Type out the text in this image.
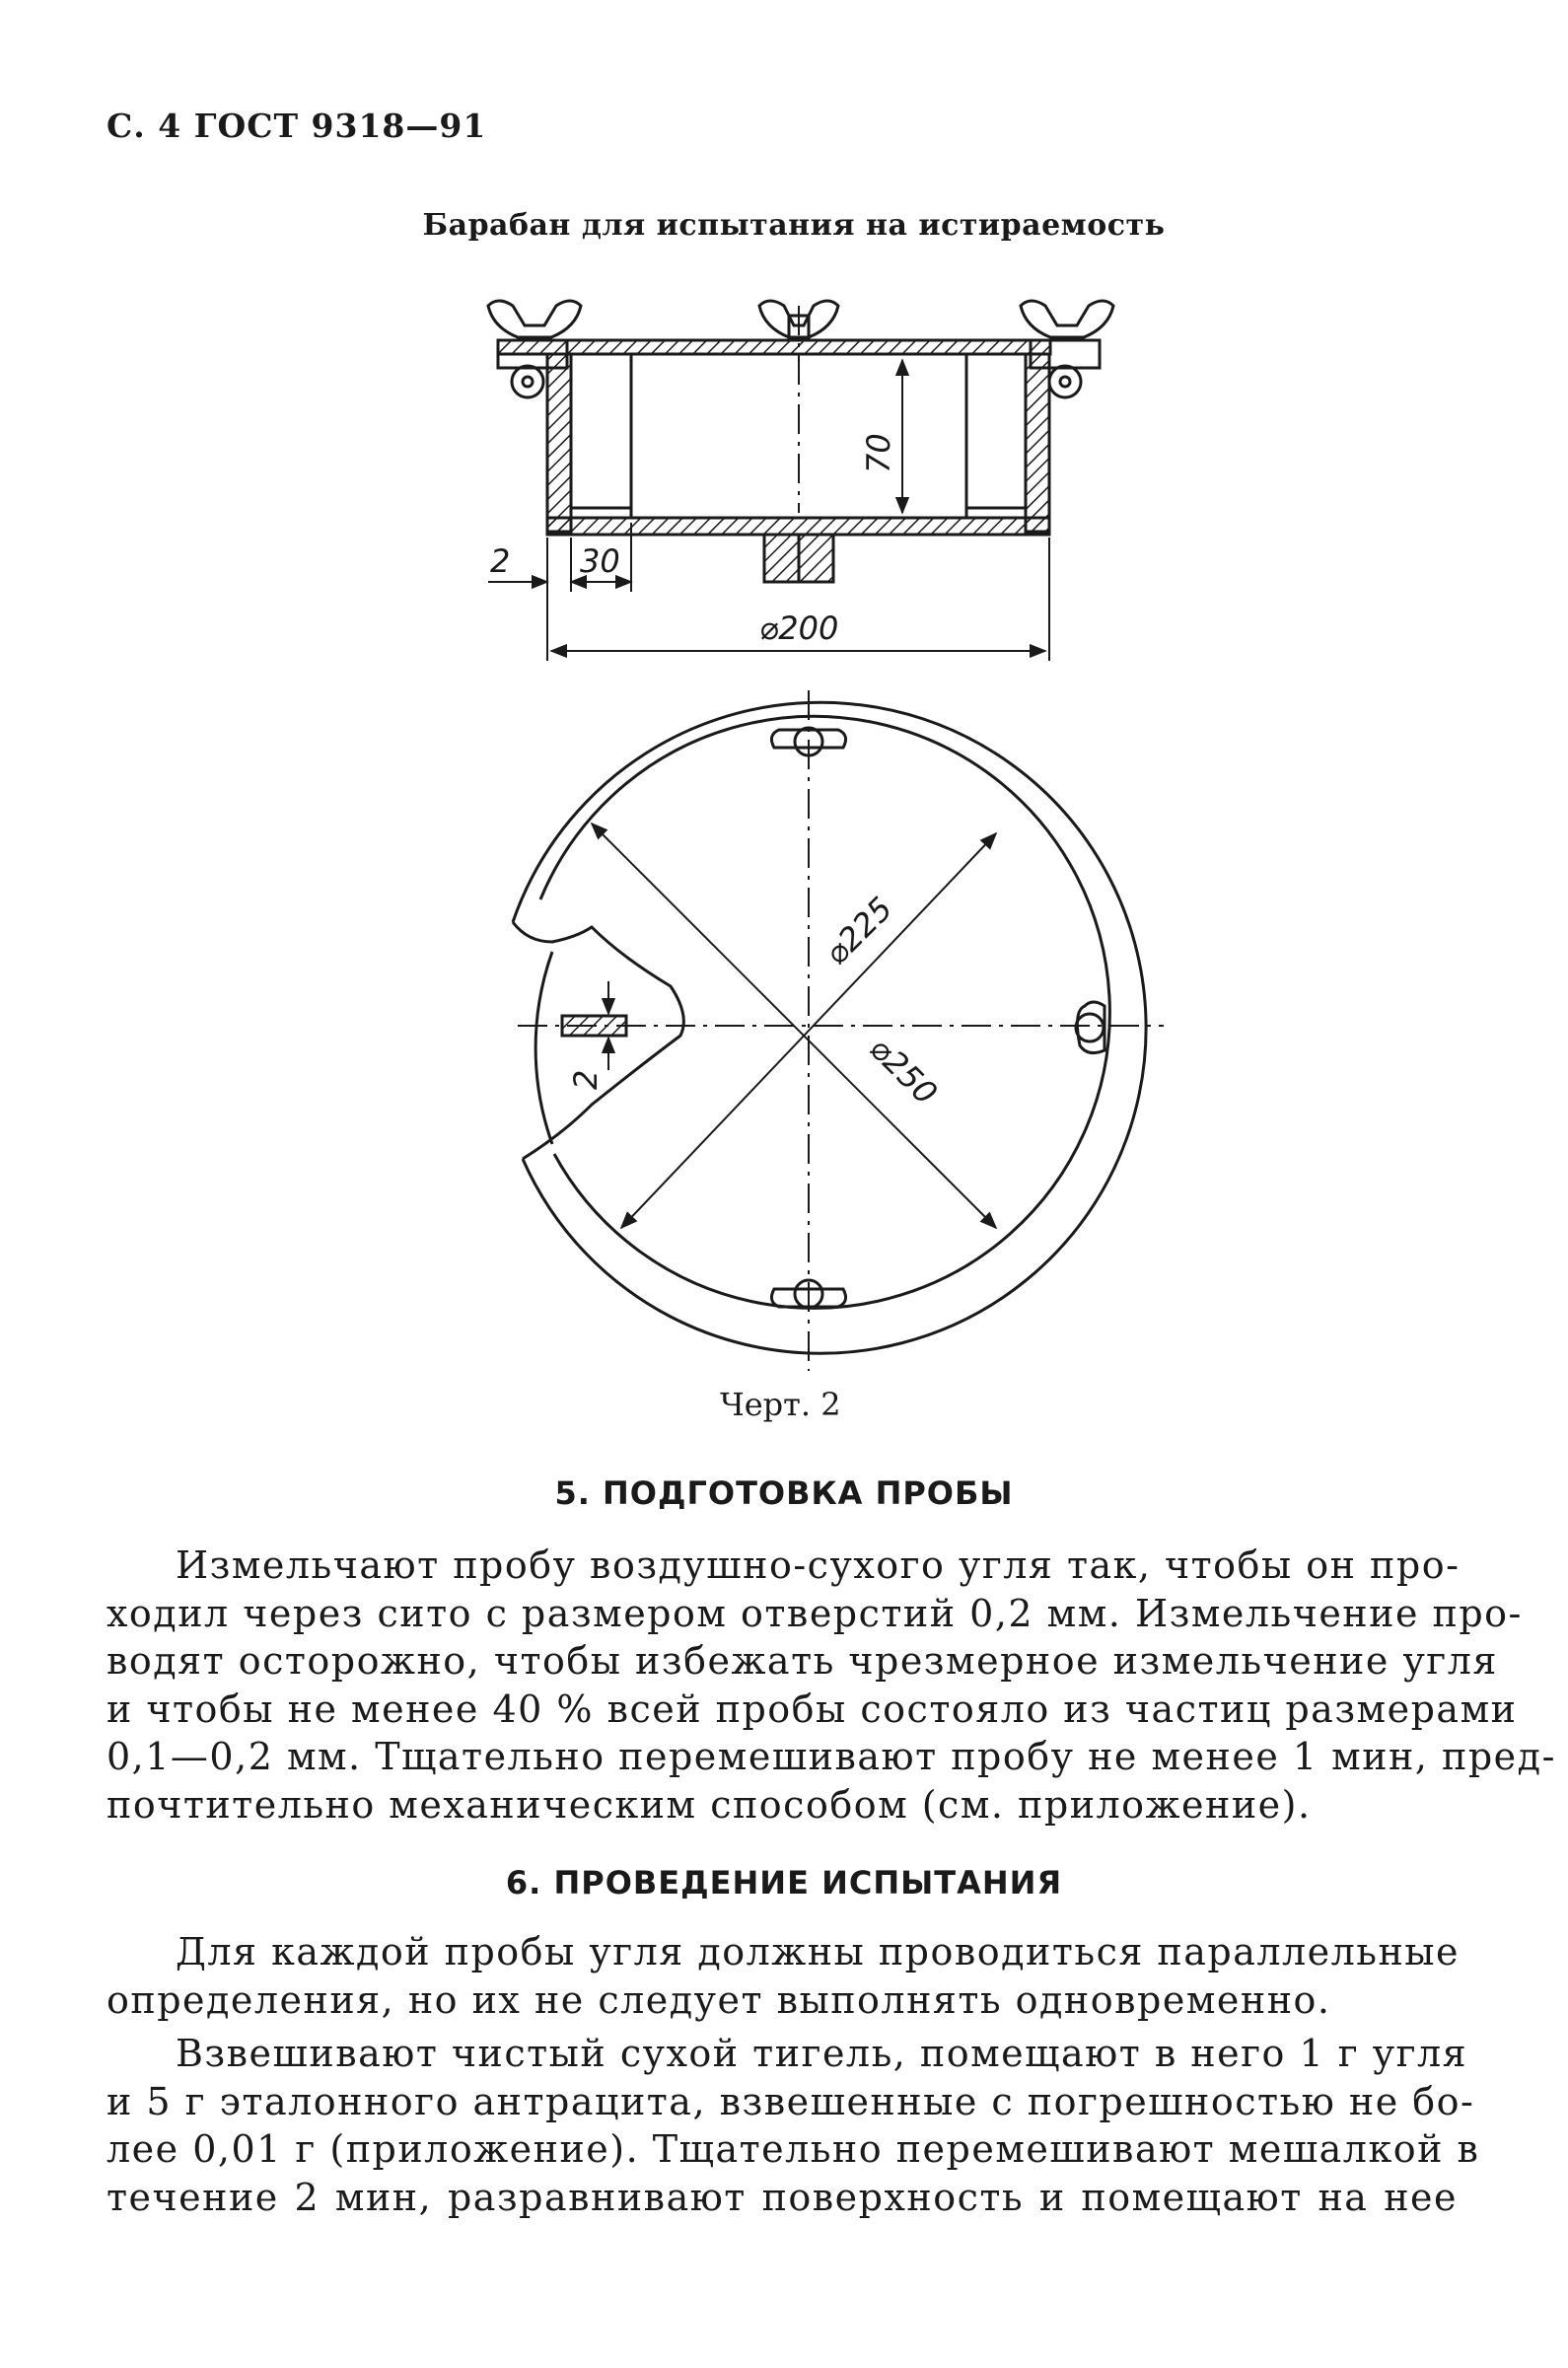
С. 4 ГОСТ 9318—91
Барабан для испытания на истираемость
2 30
70
⌀200
⌀225
⌀250
2
Черт. 2
5. ПОДГОТОВКА ПРОБЫ
Измельчают пробу воздушно-сухого угля так, чтобы он про-
ходил через сито с размером отверстий 0,2 мм. Измельчение про-
водят осторожно, чтобы избежать чрезмерное измельчение угля
и чтобы не менее 40 % всей пробы состояло из частиц размерами
0,1—0,2 мм. Тщательно перемешивают пробу не менее 1 мин, пред-
почтительно механическим способом (см. приложение).
6. ПРОВЕДЕНИЕ ИСПЫТАНИЯ
Для каждой пробы угля должны проводиться параллельные
определения, но их не следует выполнять одновременно.
Взвешивают чистый сухой тигель, помещают в него 1 г угля
и 5 г эталонного антрацита, взвешенные с погрешностью не бо-
лее 0,01 г (приложение). Тщательно перемешивают мешалкой в
течение 2 мин, разравнивают поверхность и помещают на нее
